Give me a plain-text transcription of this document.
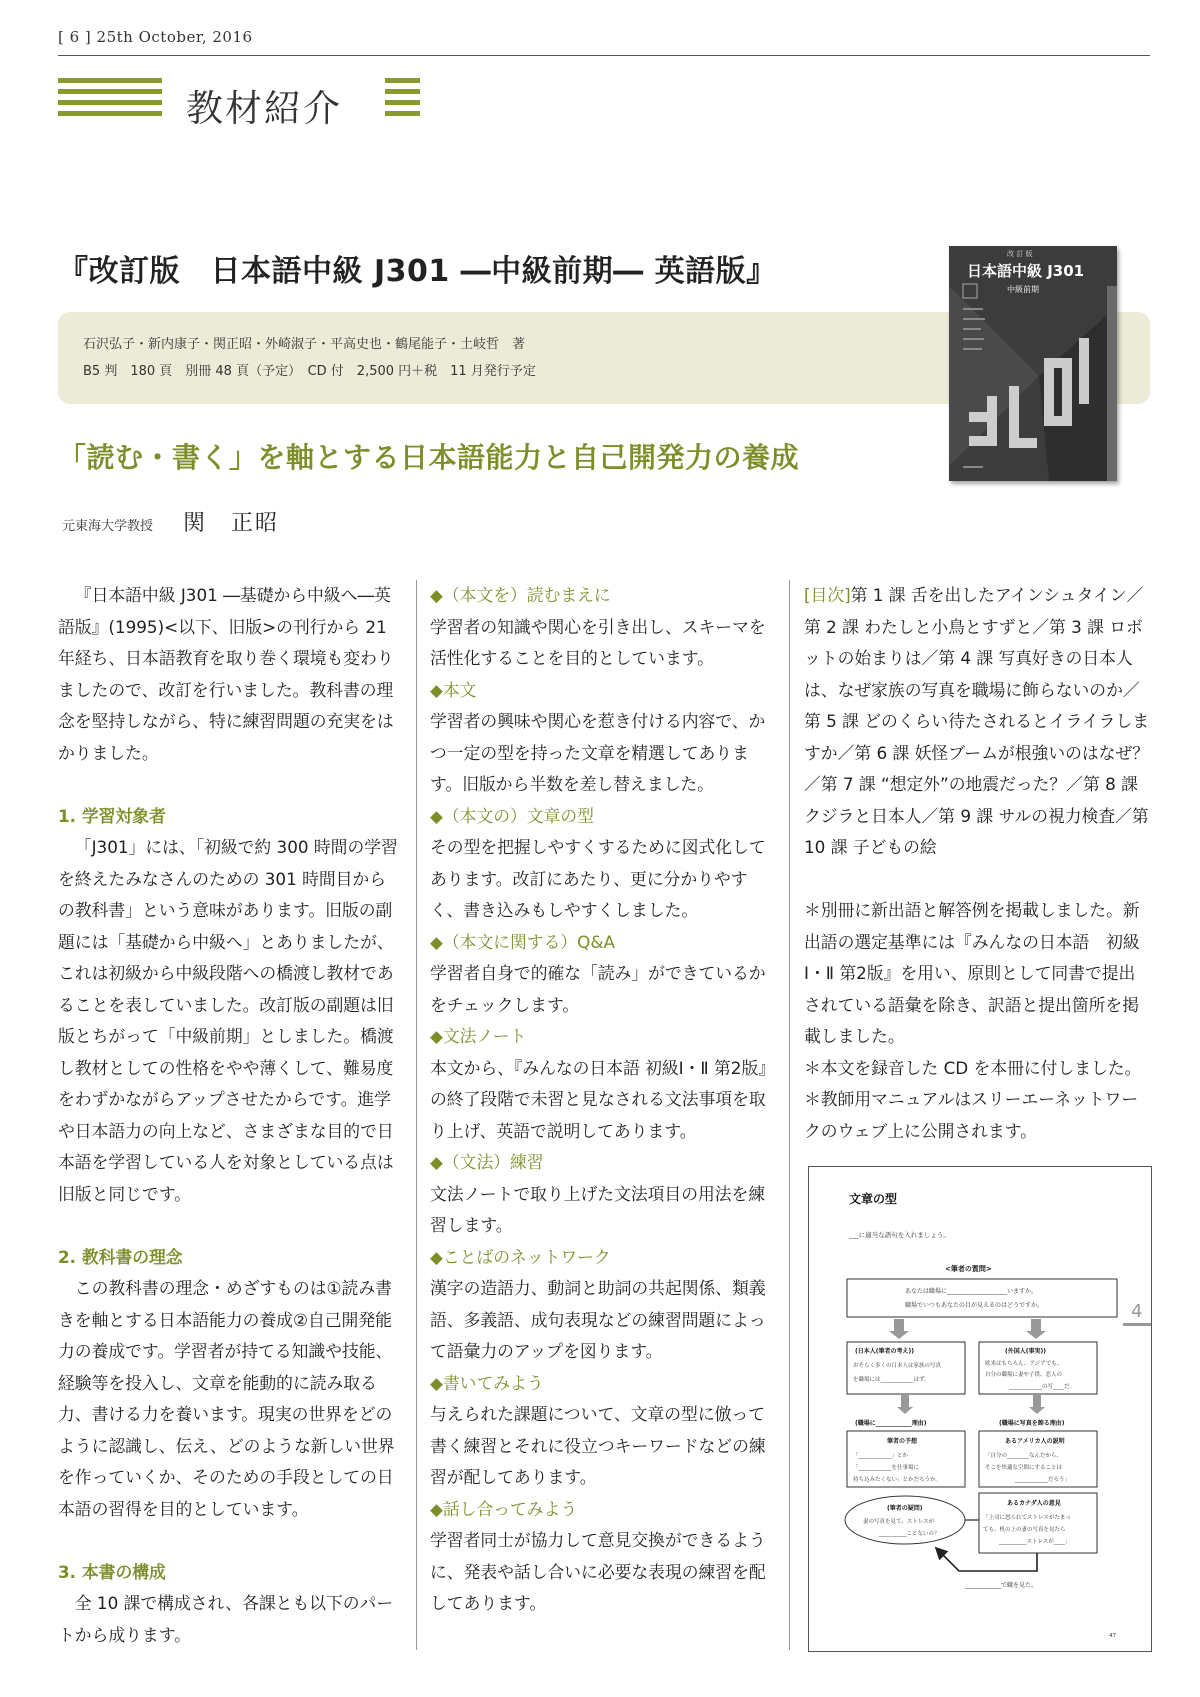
[ 6 ] 25th October, 2016
教材紹介
『改訂版　日本語中級 J301 ―中級前期― 英語版』
石沢弘子・新内康子・関正昭・外崎淑子・平高史也・鶴尾能子・土岐哲　著
B5 判　180 頁　別冊 48 頁（予定）　CD 付　2,500 円＋税　11 月発行予定
改 訂 版
日本語中級 J301
中級前期
「読む・書く」を軸とする日本語能力と自己開発力の養成
元東海大学教授 関　正昭

『日本語中級 J301 ―基礎から中級へ―英語版』(1995)<以下、旧版>の刊行から 21 年経ち、日本語教育を取り巻く環境も変わりましたので、改訂を行いました。教科書の理念を堅持しながら、特に練習問題の充実をはかりました。

1. 学習対象者

「J301」には、「初級で約 300 時間の学習を終えたみなさんのための 301 時間目からの教科書」という意味があります。旧版の副題には「基礎から中級へ」とありましたが、これは初級から中級段階への橋渡し教材であることを表していました。改訂版の副題は旧版とちがって「中級前期」としました。橋渡し教材としての性格をやや薄くして、難易度をわずかながらアップさせたからです。進学や日本語力の向上など、さまざまな目的で日本語を学習している人を対象としている点は旧版と同じです。

2. 教科書の理念

この教科書の理念・めざすものは①読み書きを軸とする日本語能力の養成②自己開発能力の養成です。学習者が持てる知識や技能、経験等を投入し、文章を能動的に読み取る力、書ける力を養います。現実の世界をどのように認識し、伝え、どのような新しい世界を作っていくか、そのための手段としての日本語の習得を目的としています。

3. 本書の構成

全 10 課で構成され、各課とも以下のパートから成ります。

◆（本文を）読むまえに

学習者の知識や関心を引き出し、スキーマを活性化することを目的としています。

◆本文

学習者の興味や関心を惹き付ける内容で、かつ一定の型を持った文章を精選してあります。旧版から半数を差し替えました。

◆（本文の）文章の型

その型を把握しやすくするために図式化してあります。改訂にあたり、更に分かりやすく、書き込みもしやすくしました。

◆（本文に関する）Q&A

学習者自身で的確な「読み」ができているかをチェックします。

◆文法ノート

本文から、『みんなの日本語 初級Ⅰ・Ⅱ 第2版』の終了段階で未習と見なされる文法事項を取り上げ、英語で説明してあります。

◆（文法）練習

文法ノートで取り上げた文法項目の用法を練習します。

◆ことばのネットワーク

漢字の造語力、動詞と助詞の共起関係、類義語、多義語、成句表現などの練習問題によって語彙力のアップを図ります。

◆書いてみよう

与えられた課題について、文章の型に倣って書く練習とそれに役立つキーワードなどの練習が配してあります。

◆話し合ってみよう

学習者同士が協力して意見交換ができるように、発表や話し合いに必要な表現の練習を配してあります。

[目次]第 1 課 舌を出したアインシュタイン／第 2 課 わたしと小鳥とすずと／第 3 課 ロボットの始まりは／第 4 課 写真好きの日本人は、なぜ家族の写真を職場に飾らないのか／第 5 課 どのくらい待たされるとイライラしますか／第 6 課 妖怪ブームが根強いのはなぜ？／第 7 課 “想定外”の地震だった？／第 8 課 クジラと日本人／第 9 課 サルの視力検査／第 10 課 子どもの絵

＊別冊に新出語と解答例を掲載しました。新出語の選定基準には『みんなの日本語　初級Ⅰ・Ⅱ 第2版』を用い、原則として同書で提出されている語彙を除き、訳語と提出箇所を掲載しました。

＊本文を録音した CD を本冊に付しました。

＊教師用マニュアルはスリーエーネットワークのウェブ上に公開されます。

文章の型
___に適当な語句を入れましょう。
<筆者の質問>
あなたは職場に____________________いますか。
職場でいつもあなたの目が見えるのはどうですか。	4
(日本人(筆者の考え))
おそらく多くの日本人は家族の写真
を職場には____________はず。
(外国人(事実))
欧米はもちろん、アジアでも、
自分の職場に妻や子供、恋人の
____________の写____だ。
(職場に____________理由)	(職場に写真を飾る理由)
筆者の予想
「____________」とか
「____________を仕事場に
持ち込みたくない」とかだろうか。
あるアメリカ人の説明
「自分の________なんだから、
そこを快適な空間にすることは
____________だろう」
(筆者の疑問)
妻の写真を見て、ストレスが
__________ことないの？
あるカナダ人の意見
「上司に怒られてストレスがたまっ
ても、机の上の妻の写真を見たら
__________ストレスが____」
____________で職を見た。
47
